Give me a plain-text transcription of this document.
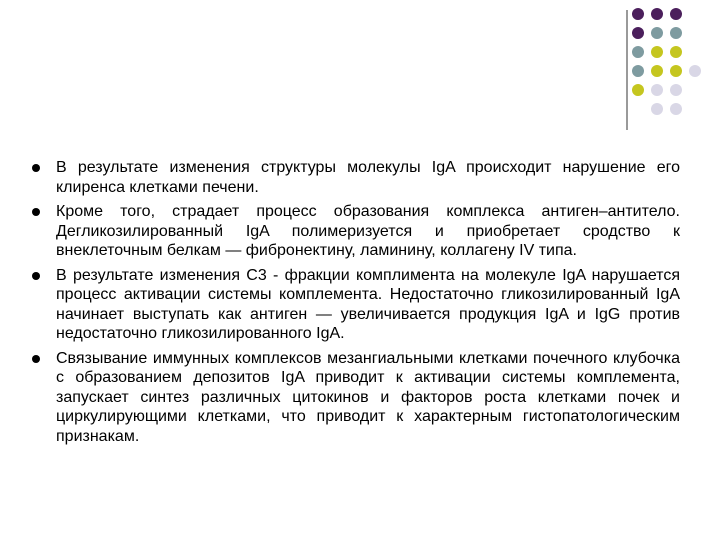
В результате изменения структуры молекулы IgA происходит нарушение его клиренса клетками печени.
Кроме того, страдает процесс образования комплекса антиген–антитело. Дегликозилированный IgA полимеризуется и приобретает сродство к внеклеточным белкам — фибронектину, ламинину, коллагену IV типа.
В результате изменения С3 - фракции комплимента на молекуле IgA нарушается процесс активации системы комплемента. Недостаточно гликозилированный IgA начинает выступать как антиген — увеличивается продукция IgA и IgG против недостаточно гликозилированного IgA.
Связывание иммунных комплексов мезангиальными клетками почечного клубочка с образованием депозитов IgA приводит к активации системы комплемента, запускает синтез различных цитокинов и факторов роста клетками почек и циркулирующими клетками, что приводит к характерным гистопатологическим признакам.
